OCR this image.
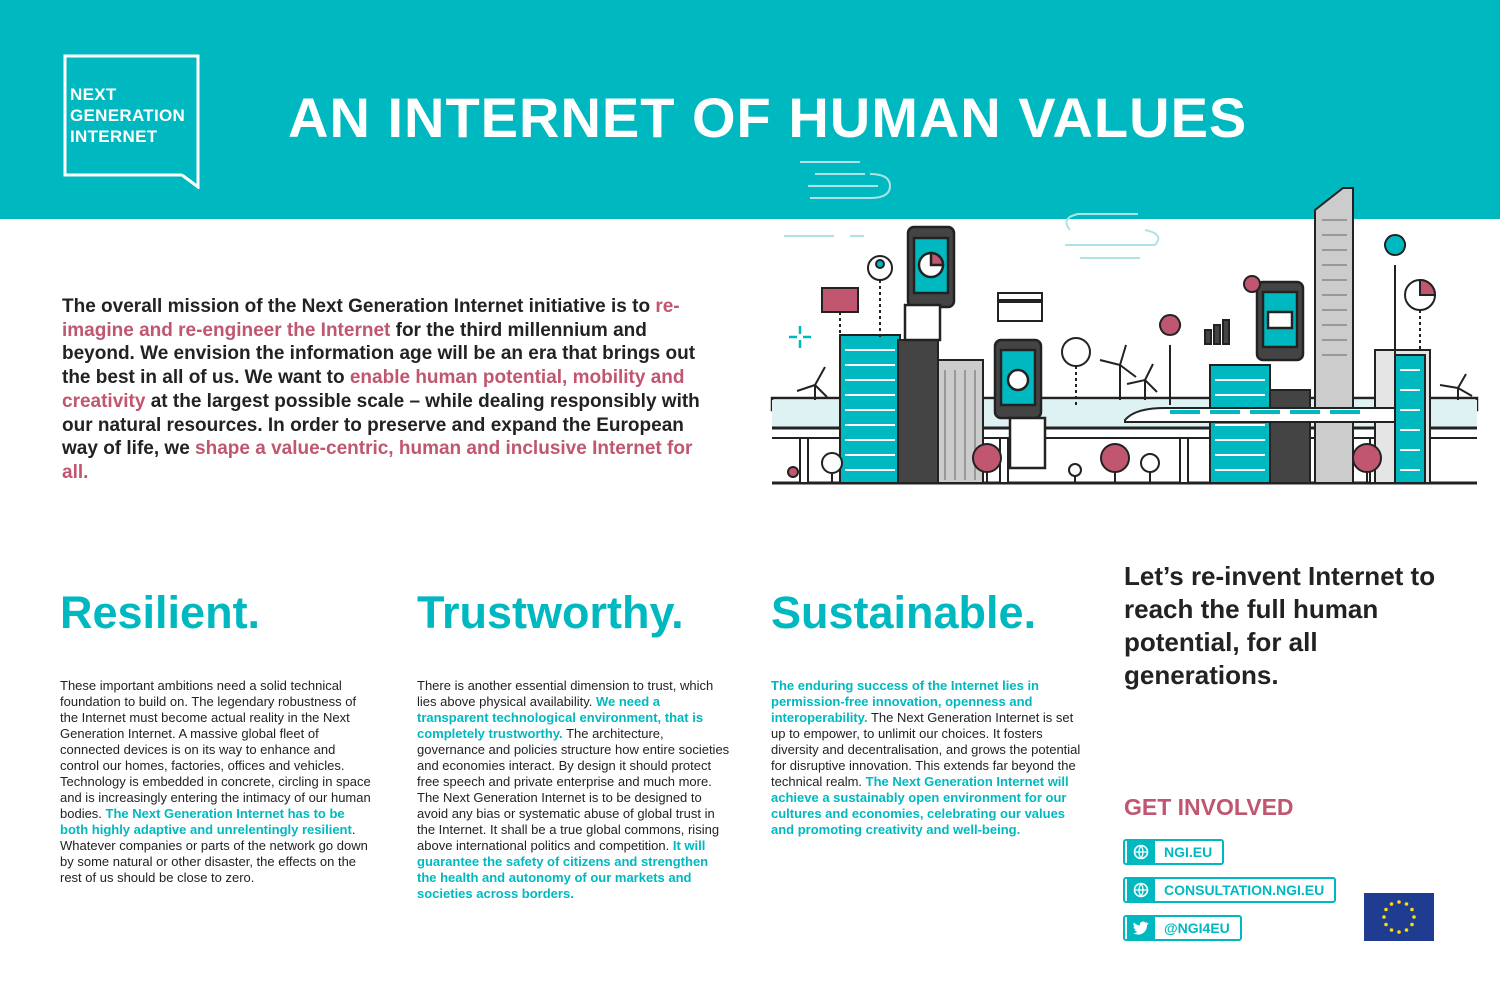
NEXT
GENERATION
INTERNET	AN INTERNET OF HUMAN VALUES
The overall mission of the Next Generation Internet initiative is to re-imagine and re-engineer the Internet for the third millennium and beyond. We envision the information age will be an era that brings out the best in all of us. We want to enable human potential, mobility and creativity at the largest possible scale – while dealing responsibly with our natural resources. In order to preserve and expand the European way of life, we shape a value-centric, human and inclusive Internet for all.
Resilient.
These important ambitions need a solid technical foundation to build on. The legendary robustness of the Internet must become actual reality in the Next Generation Internet. A massive global fleet of connected devices is on its way to enhance and control our homes, factories, offices and vehicles. Technology is embedded in concrete, circling in space and is increasingly entering the intimacy of our human bodies. The Next Generation Internet has to be both highly adaptive and unrelentingly resilient. Whatever companies or parts of the network go down by some natural or other disaster, the effects on the rest of us should be close to zero.
Trustworthy.
There is another essential dimension to trust, which lies above physical availability. We need a transparent technological environment, that is completely trustworthy. The architecture, governance and policies structure how entire societies and economies interact. By design it should protect free speech and private enterprise and much more. The Next Generation Internet is to be designed to avoid any bias or systematic abuse of global trust in the Internet. It shall be a true global commons, rising above international politics and competition. It will guarantee the safety of citizens and strengthen the health and autonomy of our markets and societies across borders.
Sustainable.
The enduring success of the Internet lies in permission-free innovation, openness and interoperability. The Next Generation Internet is set up to empower, to unlimit our choices. It fosters diversity and decentralisation, and grows the potential for disruptive innovation. This extends far beyond the technical realm. The Next Generation Internet will achieve a sustainably open environment for our cultures and economies, celebrating our values and promoting creativity and well-being.
Let’s re-invent Internet to reach the full human potential, for all generations.
GET INVOLVED
NGI.EU
CONSULTATION.NGI.EU
@NGI4EU
